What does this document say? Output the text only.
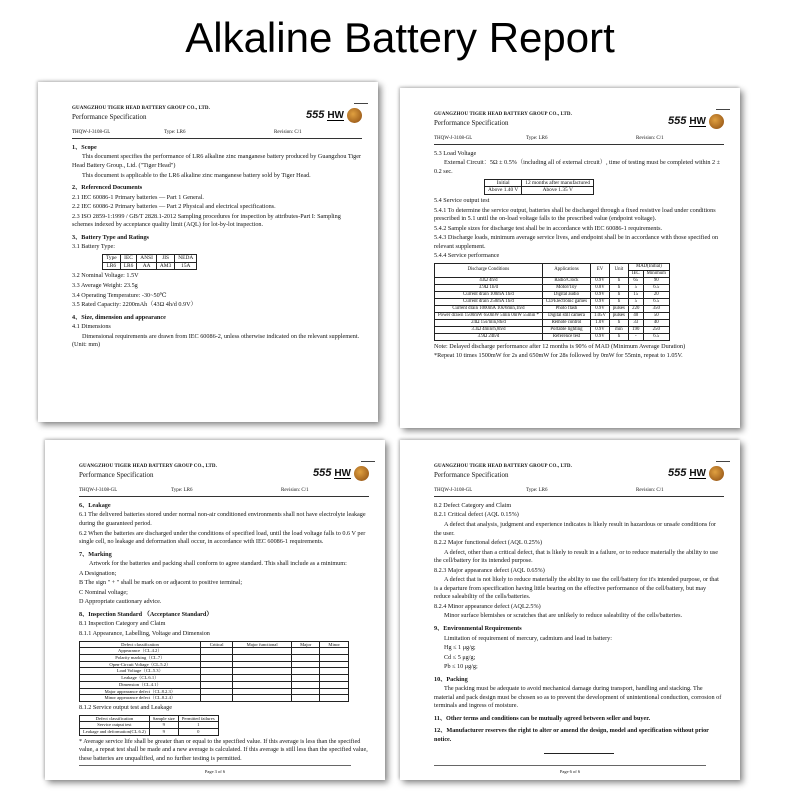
Alkaline Battery Report
GUANGZHOU TIGER HEAD BATTERY GROUP CO., LTD.
Performance Specification	555 HW
THQW-J-3108-GL	Type: LR6	Revision: C/1
1、Scope

This document specifies the performance of LR6 alkaline zinc manganese battery produced by Guangzhou Tiger Head Battery Group., Ltd. ("Tiger Head")

This document is applicable to the LR6 alkaline zinc manganese battery sold by Tiger Head.

2、Referenced Documents

2.1 IEC 60086-1 Primary batteries — Part 1 General.

2.2 IEC 60086-2 Primary batteries — Part 2 Physical and electrical specifications.

2.3 ISO 2859-1:1999 / GB/T 2828.1-2012 Sampling procedures for inspection by attributes-Part I: Sampling schemes indexed by acceptance quality limit (AQL) for lot-by-lot inspection.

3、Battery Type and Ratings

3.1 Battery Type:

Type	IEC	ANSI	JIS	NEDA
LR6	LR6	AA	AM3	15A

3.2 Nominal Voltage: 1.5V

3.3 Average Weight: 23.5g

3.4 Operating Temperature: -30~50℃

3.5 Rated Capacity: 2200mAh（43Ω 4h/d 0.9V）

4、Size, dimension and appearance

4.1 Dimensions

Dimensional requirements are drawn from IEC 60086-2, unless otherwise indicated on the relevant supplement. (Unit: mm)

GUANGZHOU TIGER HEAD BATTERY GROUP CO., LTD.
Performance Specification	555 HW
THQW-J-3108-GL	Type: LR6	Revision: C/1

5.3 Load Voltage

External Circuit：5Ω ± 0.5%（including all of external circuit）, time of testing must be completed within 2 ± 0.2 sec.

Initial	12 months after manufactured
Above 1.40 V	Above 1.35 V

5.4 Service output test

5.4.1 To determine the service output, batteries shall be discharged through a fixed resistive load under conditions prescribed in 5.1 until the on-load voltage falls to the prescribed value (endpoint voltage).

5.4.2 Sample sizes for discharge test shall be in accordance with IEC 60086-1 requirements.

5.4.3 Discharge loads, minimum average service lives, and endpoint shall be in accordance with those specified on relevant supplement.

5.4.4 Service performance

Discharge Conditions	Applications	EV	Unit	MAD(Initial)	
				IEC	Minimum
43Ω 4h/d	Radio/Clock	0.9V	h	65	90
3.9Ω 1h/d	Motor/Toy	0.8V	h	5	6.5
Current drain 100mA 1h/d	Digital audio	0.9V	h	15	20
Current drain 250mA 1h/d	CD/Electronic games	0.9V	h	5	6.5
Current drain 1000mA 10s/6min,1h/d	Photo flash	0.9V	pulses	220	350
Power drawn 1500mW 650mW 5min 0mW 55min *	Digital still camera	1.05V	pulses	40	50
24Ω 15s/min,8h/d	Remote control	1.0V	h	33	40
3.3Ω 4min/h,8h/d	Portable lighting	0.9V	min	190	250
3.9Ω 24h/d	Reference test	0.9V	h	-	6.5

Note: Delayed discharge performance after 12 months is 90% of MAD (Minimum Average Duration)

*Repeat 10 times 1500mW for 2s and 650mW for 28s followed by 0mW for 55min, repeat to 1.05V.

GUANGZHOU TIGER HEAD BATTERY GROUP CO., LTD.
Performance Specification	555 HW
THQW-J-3108-GL	Type: LR6	Revision: C/1
6、Leakage

6.1 The delivered batteries stored under normal non-air conditioned environments shall not have electrolyte leakage during the guaranteed period.

6.2 When the batteries are discharged under the conditions of specified load, until the load voltage falls to 0.6 V per single cell, no leakage and deformation shall occur, in accordance with IEC 60086-1 requirements.

7、Marking

Artwork for the batteries and packing shall conform to agree standard. This shall include as a minimum:

A Designation;

B The sign " + " shall be mark on or adjacent to positive terminal;

C Nominal voltage;

D Appropriate cautionary advice.

8、Inspection Standard （Acceptance Standard）

8.1 Inspection Category and Claim

8.1.1 Appearance, Labelling, Voltage and Dimension

Defect classification	Critical	Major functional	Major	Minor
Appearance（CL.4.2）				
Polarity marking（CL.7）				
Open-Circuit Voltage（CL.5.2）				
Load Voltage（CL.5.3）				
Leakage（CL.6.1）				
Dimension（CL.4.1）				
Major appearance defect（CL.8.2.3）				
Minor appearance defect（CL.8.2.4）				

8.1.2 Service output test and Leakage

Defect classification	Sample size	Permitted failures
Service output test	9	1
Leakage and deformation(CL.6.2)	9	0

* Average service life shall be greater than or equal to the specified value. If this average is less than the specified value, a repeat test shall be made and a new average is calculated. If this average is still less than the specified value, these batteries are unqualified, and no further testing is permitted.

Page 3 of 6
GUANGZHOU TIGER HEAD BATTERY GROUP CO., LTD.
Performance Specification	555 HW
THQW-J-3108-GL	Type: LR6	Revision: C/1

8.2 Defect Category and Claim

8.2.1 Critical defect (AQL 0.15%)

A defect that analysis, judgment and experience indicates is likely result in hazardous or unsafe conditions for the user.

8.2.2 Major functional defect (AQL 0.25%)

A defect, other than a critical defect, that is likely to result in a failure, or to reduce materially the ability to use the cell/battery for its intended purpose.

8.2.3 Major appearance defect (AQL 0.65%)

A defect that is not likely to reduce materially the ability to use the cell/battery for it's intended purpose, or that is a departure from specification having little bearing on the effective performance of the cell/battery, but may reduce saleability of the cells/batteries.

8.2.4 Minor appearance defect (AQL2.5%)

Minor surface blemishes or scratches that are unlikely to reduce saleability of the cells/batteries.

9、Environmental Requirements

Limitation of requirement of mercury, cadmium and lead in battery:

Hg ≤ 1 μg/g;

Cd ≤ 5 μg/g;

Pb ≤ 10 μg/g;

10、Packing

The packing must be adequate to avoid mechanical damage during transport, handling and stacking. The material and pack design must be chosen so as to prevent the development of unintentional conduction, corrosion of terminals and ingress of moisture.

11、Other terms and conditions can be mutually agreed between seller and buyer.

12、Manufacturer reserves the right to alter or amend the design, model and specification without prior notice.

Page 6 of 6
